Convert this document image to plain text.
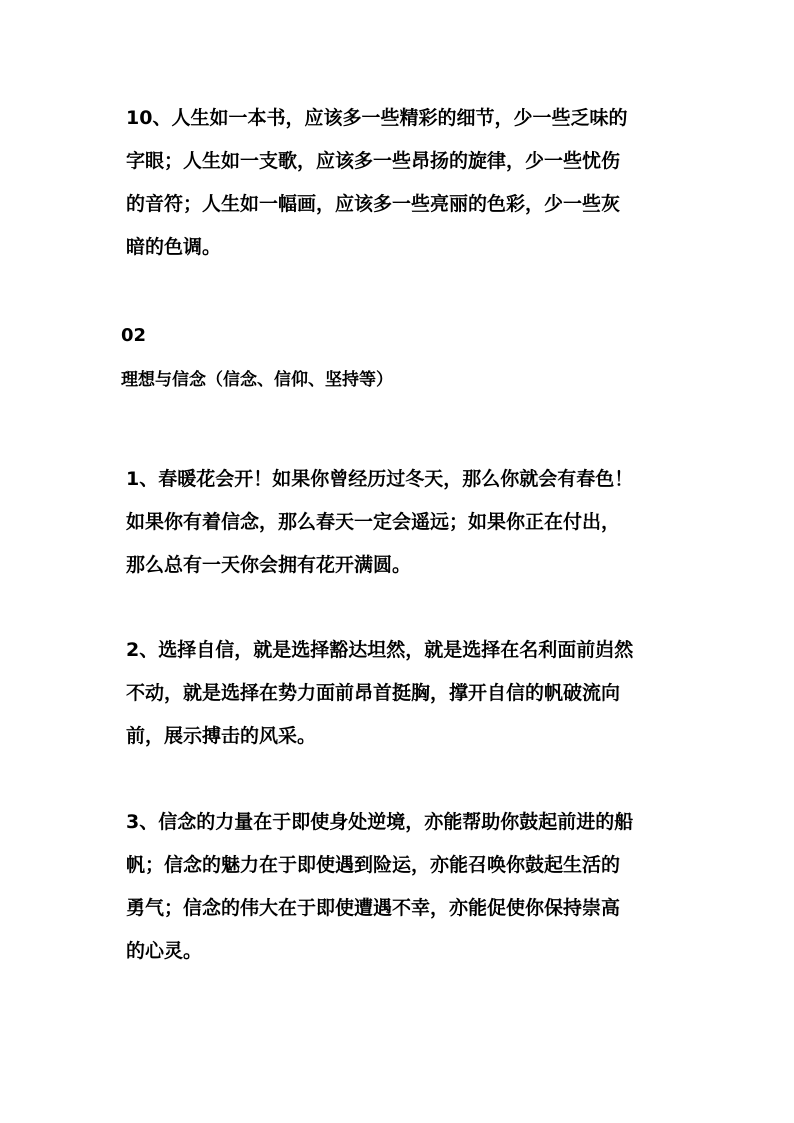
10、人生如一本书，应该多一些精彩的细节，少一些乏味的
字眼；人生如一支歌，应该多一些昂扬的旋律，少一些忧伤
的音符；人生如一幅画，应该多一些亮丽的色彩，少一些灰
暗的色调。
02
理想与信念（信念、信仰、坚持等）
1、春暖花会开！如果你曾经历过冬天，那么你就会有春色！
如果你有着信念，那么春天一定会遥远；如果你正在付出，
那么总有一天你会拥有花开满圆。
2、选择自信，就是选择豁达坦然，就是选择在名利面前岿然
不动，就是选择在势力面前昂首挺胸，撑开自信的帆破流向
前，展示搏击的风采。
3、信念的力量在于即使身处逆境，亦能帮助你鼓起前进的船
帆；信念的魅力在于即使遇到险运，亦能召唤你鼓起生活的
勇气；信念的伟大在于即使遭遇不幸，亦能促使你保持崇高
的心灵。
